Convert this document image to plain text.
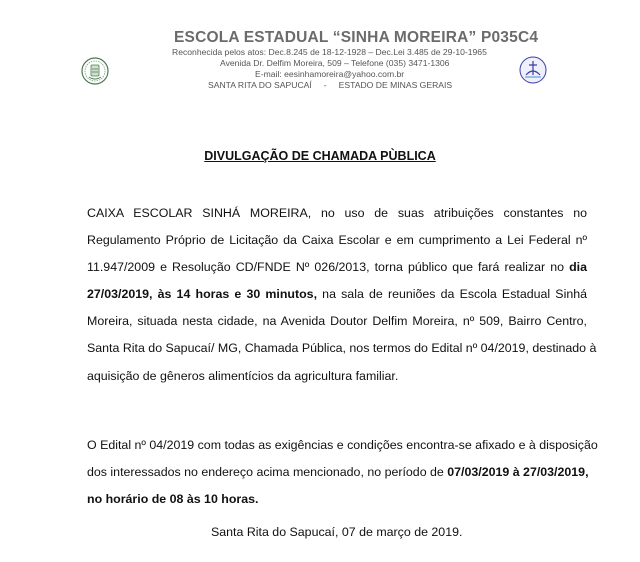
ESCOLA ESTADUAL “SINHA MOREIRA” P035C4
Reconhecida pelos atos: Dec.8.245 de 18-12-1928 – Dec.Lei 3.485 de 29-10-1965
Avenida Dr. Delfim Moreira, 509 – Telefone (035) 3471-1306
E-mail: eesinhamoreira@yahoo.com.br
SANTA RITA DO SAPUCAÍ - ESTADO DE MINAS GERAIS
DIVULGAÇÃO DE CHAMADA PÙBLICA
CAIXA ESCOLAR SINHÁ MOREIRA, no uso de suas atribuições constantes no
Regulamento Próprio de Licitação da Caixa Escolar e em cumprimento a Lei Federal nº
11.947/2009 e Resolução CD/FNDE Nº 026/2013, torna público que fará realizar no dia
27/03/2019, às 14 horas e 30 minutos, na sala de reuniões da Escola Estadual Sinhá
Moreira, situada nesta cidade, na Avenida Doutor Delfim Moreira, nº 509, Bairro Centro,
Santa Rita do Sapucaí/ MG, Chamada Pública, nos termos do Edital nº 04/2019, destinado à
aquisição de gêneros alimentícios da agricultura familiar.
O Edital nº 04/2019 com todas as exigências e condições encontra-se afixado e à disposição
dos interessados no endereço acima mencionado, no período de 07/03/2019 à 27/03/2019,
no horário de 08 às 10 horas.
Santa Rita do Sapucaí, 07 de março de 2019.
